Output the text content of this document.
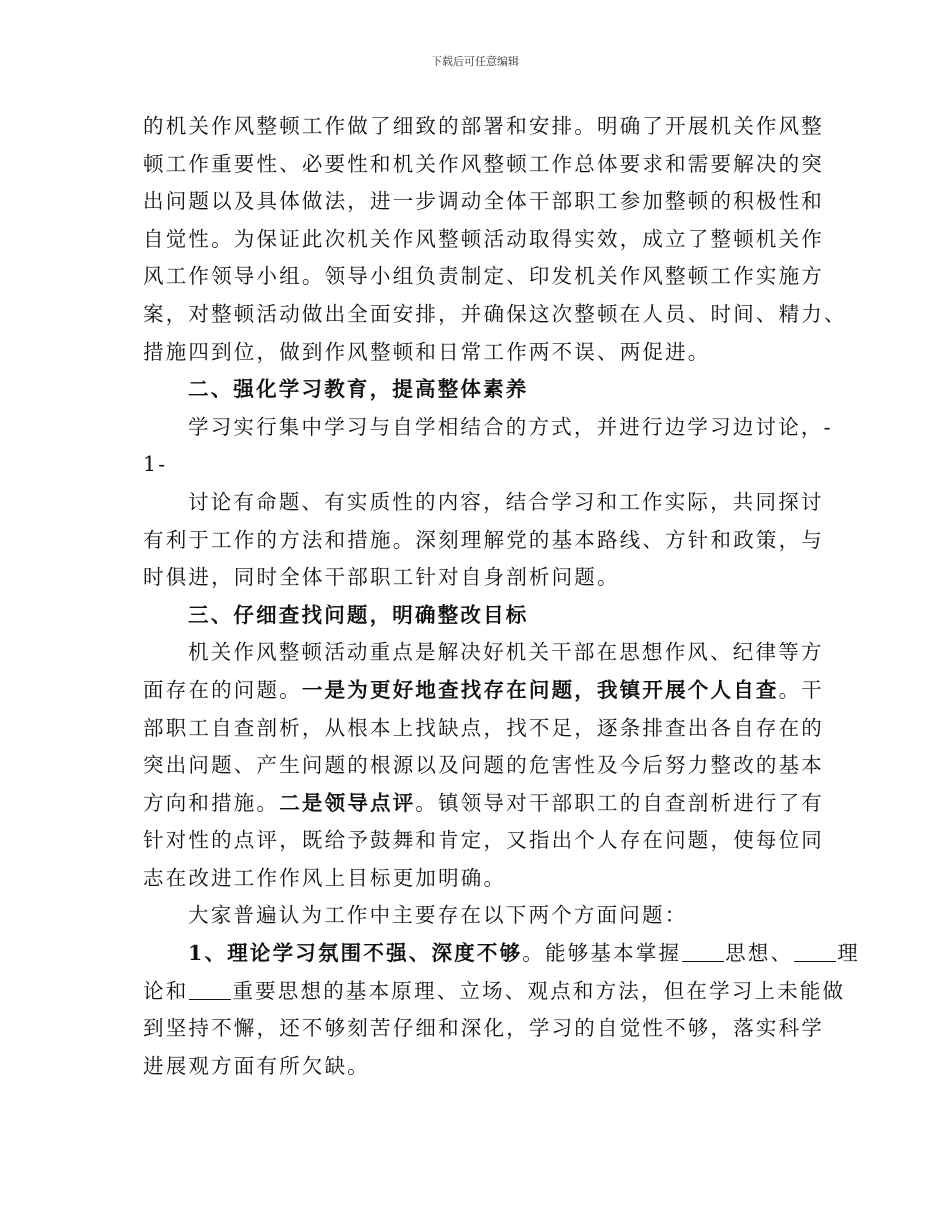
下载后可任意编辑
的机关作风整顿工作做了细致的部署和安排。明确了开展机关作风整
顿工作重要性、必要性和机关作风整顿工作总体要求和需要解决的突
出问题以及具体做法，进一步调动全体干部职工参加整顿的积极性和
自觉性。为保证此次机关作风整顿活动取得实效，成立了整顿机关作
风工作领导小组。领导小组负责制定、印发机关作风整顿工作实施方
案，对整顿活动做出全面安排，并确保这次整顿在人员、时间、精力、
措施四到位，做到作风整顿和日常工作两不误、两促进。
二、强化学习教育，提高整体素养
学习实行集中学习与自学相结合的方式，并进行边学习边讨论，-
1-
讨论有命题、有实质性的内容，结合学习和工作实际，共同探讨
有利于工作的方法和措施。深刻理解党的基本路线、方针和政策，与
时俱进，同时全体干部职工针对自身剖析问题。
三、仔细查找问题，明确整改目标
机关作风整顿活动重点是解决好机关干部在思想作风、纪律等方
面存在的问题。一是为更好地查找存在问题，我镇开展个人自查。干
部职工自查剖析，从根本上找缺点，找不足，逐条排查出各自存在的
突出问题、产生问题的根源以及问题的危害性及今后努力整改的基本
方向和措施。二是领导点评。镇领导对干部职工的自查剖析进行了有
针对性的点评，既给予鼓舞和肯定，又指出个人存在问题，使每位同
志在改进工作作风上目标更加明确。
大家普遍认为工作中主要存在以下两个方面问题：
1、理论学习氛围不强、深度不够。能够基本掌握 思想、 理
论和 重要思想的基本原理、立场、观点和方法，但在学习上未能做
到坚持不懈，还不够刻苦仔细和深化，学习的自觉性不够，落实科学
进展观方面有所欠缺。
